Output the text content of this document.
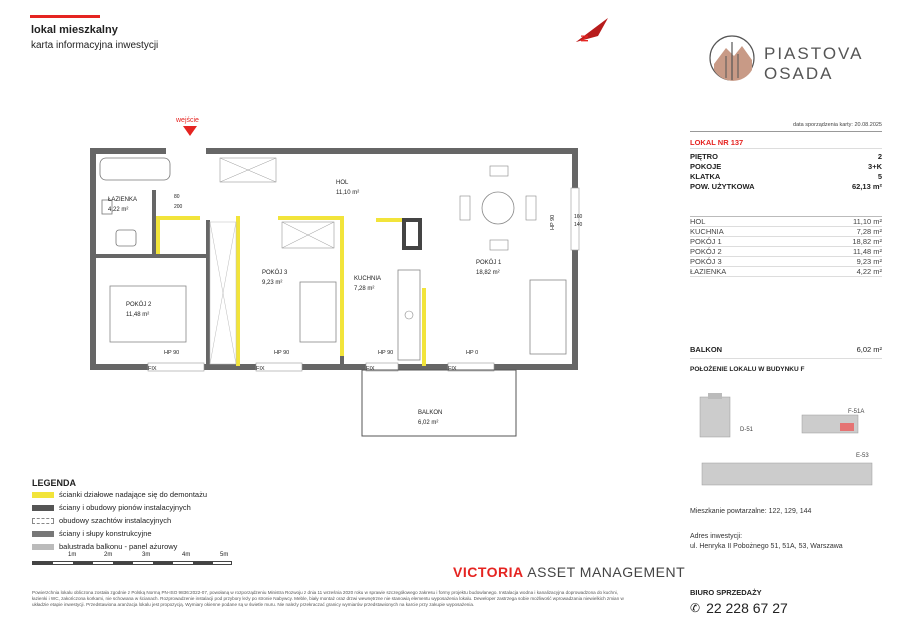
lokal mieszkalny
karta informacyjna inwestycji
N
PIASTOVA
OSADA
data sporządzenia karty: 20.08.2025
LOKAL NR 137
PIĘTRO	2
POKOJE	3+K
KLATKA	5
POW. UŻYTKOWA	62,13 m²
HOL	11,10 m²
KUCHNIA	7,28 m²
POKÓJ 1	18,82 m²
POKÓJ 2	11,48 m²
POKÓJ 3	9,23 m²
ŁAZIENKA	4,22 m²
BALKON	6,02 m²
POŁOŻENIE LOKALU W BUDYNKU F
D-51
F-51A
E-53
Mieszkanie powtarzalne: 122, 129, 144
Adres inwestycji:
ul. Henryka II Pobożnego 51, 51A, 53, Warszawa
BIURO SPRZEDAŻY
✆ 22 228 67 27
wejście
ŁAZIENKA
4,22 m²
HOL
11,10 m²
POKÓJ 1
18,82 m²
POKÓJ 2
11,48 m²
POKÓJ 3
9,23 m²
KUCHNIA
7,28 m²
BALKON
6,02 m²
HP 90	HP 90	HP 90	HP 0
HP 90
FIX	FIX	FIX	FIX
80
200
160
140
LEGENDA
ścianki działowe nadające się do demontażu
ściany i obudowy pionów instalacyjnych
obudowy szachtów instalacyjnych
ściany i słupy konstrukcyjne
balustrada balkonu - panel ażurowy
1m	2m	3m	4m	5m
VICTORIA ASSET MANAGEMENT
Powierzchnia lokalu obliczona została zgodnie z Polską Normą PN-ISO 9836:2022-07, powołaną w rozporządzeniu Ministra Rozwoju z dnia 11 września 2020 roku w sprawie szczegółowego zakresu i formy projektu budowlanego. Instalacja wodna i kanalizacyjna doprowadzona do kuchni, łazienki i WC, zakończona korkami, nie schowana w ścianach. Rozprowadzenie instalacji pod przybory leży po stronie Nabywcy. Meble, biały montaż oraz drzwi wewnętrzne nie stanowią elementu wyposażenia lokalu. Deweloper zastrzega sobie możliwość wprowadzania niewielkich zmian w układzie etapie inwestycji. Przedstawiona aranżacja lokalu jest propozycją. Wymiary okienne podane są w świetle muru. Nie należy przekraczać granicy wymiarów przedstawionych na karcie przy zakupie wyposażenia.
